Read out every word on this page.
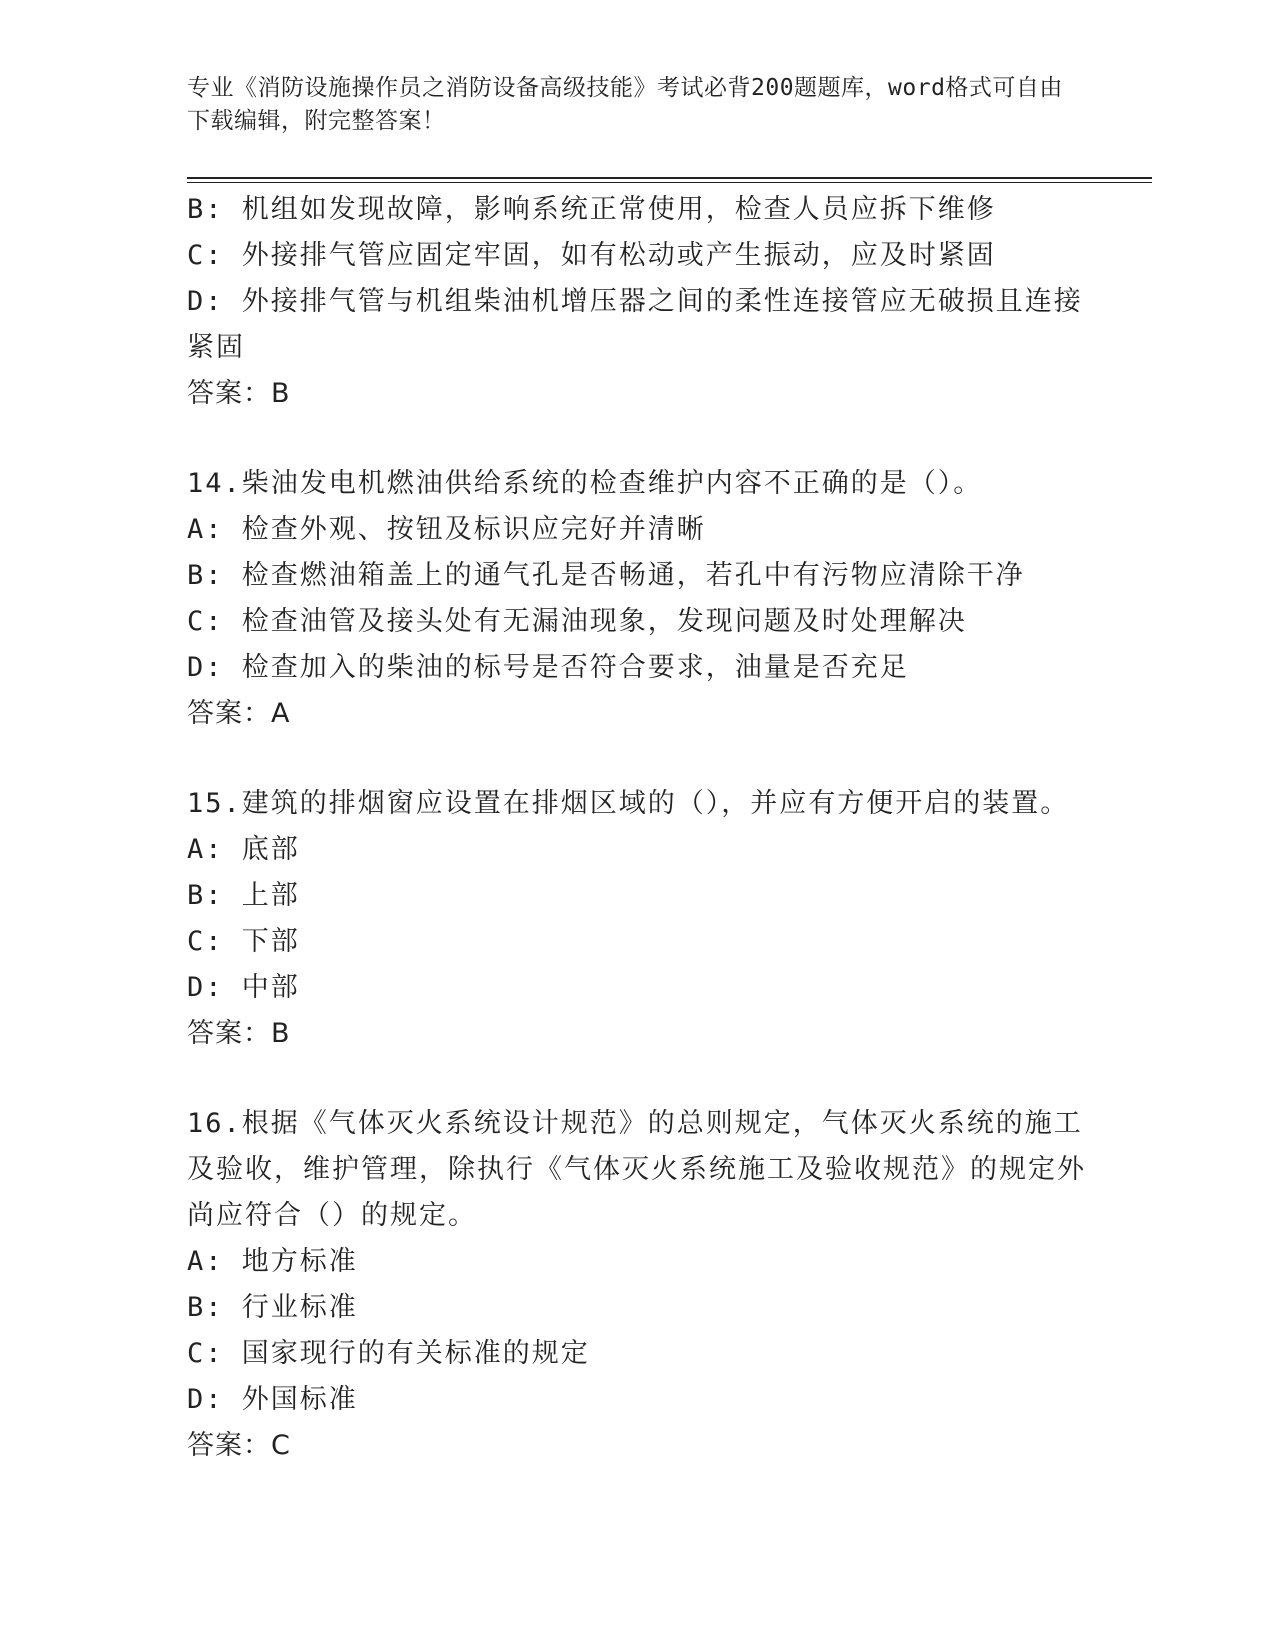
专业《消防设施操作员之消防设备高级技能》考试必背200题题库，word格式可自由下载编辑，附完整答案！
B: 机组如发现故障，影响系统正常使用，检查人员应拆下维修
C: 外接排气管应固定牢固，如有松动或产生振动，应及时紧固
D: 外接排气管与机组柴油机增压器之间的柔性连接管应无破损且连接紧固
答案：B
14.柴油发电机燃油供给系统的检查维护内容不正确的是（）。
A: 检查外观、按钮及标识应完好并清晰
B: 检查燃油箱盖上的通气孔是否畅通，若孔中有污物应清除干净
C: 检查油管及接头处有无漏油现象，发现问题及时处理解决
D: 检查加入的柴油的标号是否符合要求，油量是否充足
答案：A
15.建筑的排烟窗应设置在排烟区域的（），并应有方便开启的装置。
A: 底部
B: 上部
C: 下部
D: 中部
答案：B
16.根据《气体灭火系统设计规范》的总则规定，气体灭火系统的施工及验收，维护管理，除执行《气体灭火系统施工及验收规范》的规定外尚应符合（）的规定。
A: 地方标准
B: 行业标准
C: 国家现行的有关标准的规定
D: 外国标准
答案：C
